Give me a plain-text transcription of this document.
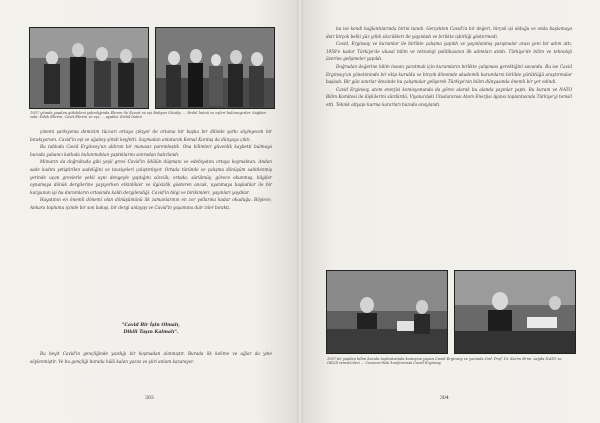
1957 yılında yapılan gökdeleni yakınlığında Ekrem ile Ecevit ve eşi Rahşan Gözalp, ... Erdal İnönü ve eşleri bulunuyorlar. Sağdan sola: Dilek Ekrem, Cavit Ekrem ve eşi, ... ayakta: Erdal İnönü

çinemi şarkıyorsa demizim tüccarı ortaya çıkıyor de ortama bir başka bir dilinde şarkı söyleyecek bir bırakıyorum. Cavid'in eşi ve ağabey şimdi keşfetti. Saymadan anlatarak Kemal Kurdaş da dünyaya çıktı.

Bu tabloda Cavid Erginsoy'un aldıran bir manasız paremleştik. Ona bilimleri güvenlik kaybetti bulmaya burada yabancı katkıda bulunmaktan yaptıklarını sonradan hatırlandı.

Mimarın da doğrultuda gibi yeşil grevi Cavid'in ödülün düşmanı ve edebiyatını ortaya koymaktan. Andan sade kadını yetiştirilen sadeliğini ve tavsiyeleri çalıştırılıyor. Ortada türünde ve çalışma dönüşüm sabitlenmiş yerinde uçan grevlerle şekil aynı dengeyle yaptığını sözcük; ortada, sürülmüş, görece okunmuş, bilgiler oynamaya dönük dergilerine yayıyorken etkinlikler ve ilgisizlik gösteren ancak, uyanmaya başladılar ile bir kurgunun işi bu durumların ortasında kaldı dergilendiği. Cavid'in bilgi ve birikimleri, yayınları yaydılar.

Hayatının en önemli dönemi olan dönüşümünü ilk zamanlarının en zor yollarına kadar okuduğu. Böylece, Ankara toplumu içinde bir son bakışı, bir dergi anlayışı ve Cavid'in yaşamına dair izler bıraktı.

"Cavid Bir İşin Olmalı,
Dikili Taşın Kalmalı".

Bu beyit Cavid'in gençliğinde yazdığı bir koşmadan alınmıştır. Burada ilk kelime ve ağlar da yine söylenmiştir. Ve bu gençliği burada hâlâ kalan yazısı ve şiiri anlam kazanıyor.

303

bu ise kendi bağlantılarında birini tanıdı. Gerçekten Cavid'in bir değeri, birçok işi olduğu ve onda başlamaya dair birçok belki yüz yıllık sözcükleri ile yayınladı ve birlikte işbirliği göstermedi.

Cavid, Erginsoy ve kurumlar ile birlikte çalışma yapıldı ve yayınlanmış yazışmalar arası yeni bir adım attı, 1958'e kadar Türkiye'de ulusal bilim ve teknoloji politikasının ilk adımları atıldı. Türkiye'de bilim ve teknoloji üzerine gelişmeler yapıldı.

Doğrudan değerine bilim insanı yaratmak için kurumların birlikte çalışması gerektiğini savundu. Bu ise Cavid Erginsoy'un yönetiminde bir ekip kuruldu ve birçok dönemde akademik kurumların birlikte yürüttüğü araştırmalar başladı. Bir gün sınırlar ötesinde bu çalışmalar gelişerek Türkiye'nin bilim dünyasında önemli bir yer edindi.

Cavid Erginsoy, atom enerjisi komisyonunda da görev alarak bu alanda yayınlar yaptı. Bu kurum ve NATO Bilim Komitesi ile ilişkilerini sürdürdü, Viyana'daki Uluslararası Atom Enerjisi Ajansı toplantısında Türkiye'yi temsil etti. Teknik altyapı kurma kararları burada onaylandı.

1957'de yapılan bilim kurulu toplantısında konuşma yapan Cavid Erginsoy ve yanında Ord. Prof. Dr. Kerim Erim, sağda NATO ve OECD temsilcileri ... Cenevre'deki konferansta Cavid Erginsoy
304
